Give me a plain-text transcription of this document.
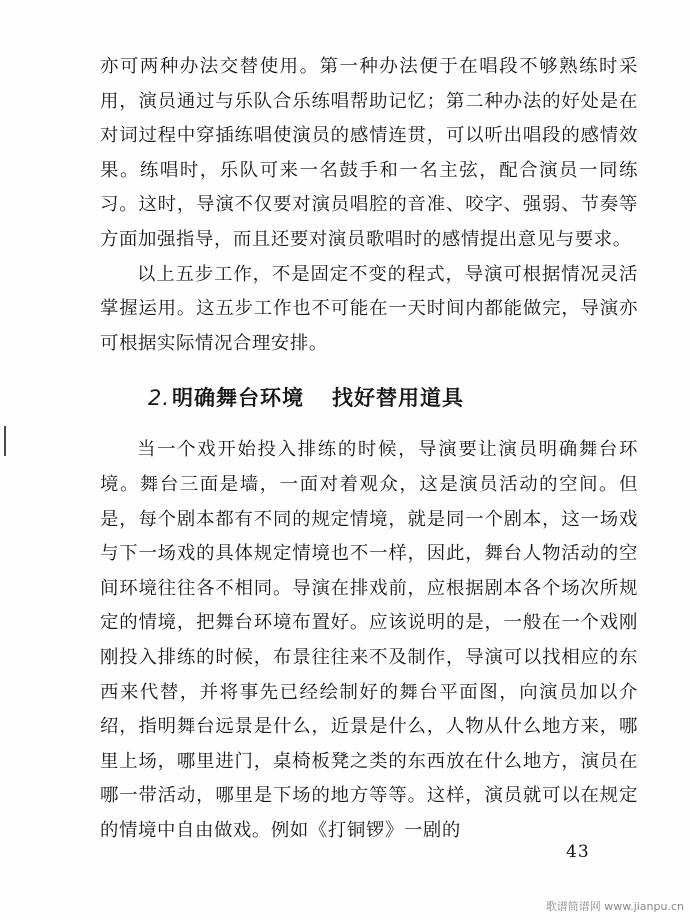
亦可两种办法交替使用。第一种办法便于在唱段不够熟练时采用，演员通过与乐队合乐练唱帮助记忆；第二种办法的好处是在对词过程中穿插练唱使演员的感情连贯，可以听出唱段的感情效果。练唱时，乐队可来一名鼓手和一名主弦，配合演员一同练习。这时，导演不仅要对演员唱腔的音准、咬字、强弱、节奏等方面加强指导，而且还要对演员歌唱时的感情提出意见与要求。

以上五步工作，不是固定不变的程式，导演可根据情况灵活掌握运用。这五步工作也不可能在一天时间内都能做完，导演亦可根据实际情况合理安排。

2.明确舞台环境 找好替用道具

当一个戏开始投入排练的时候，导演要让演员明确舞台环境。舞台三面是墙，一面对着观众，这是演员活动的空间。但是，每个剧本都有不同的规定情境，就是同一个剧本，这一场戏与下一场戏的具体规定情境也不一样，因此，舞台人物活动的空间环境往往各不相同。导演在排戏前，应根据剧本各个场次所规定的情境，把舞台环境布置好。应该说明的是，一般在一个戏刚刚投入排练的时候，布景往往来不及制作，导演可以找相应的东西来代替，并将事先已经绘制好的舞台平面图，向演员加以介绍，指明舞台远景是什么，近景是什么，人物从什么地方来，哪里上场，哪里进门，桌椅板凳之类的东西放在什么地方，演员在哪一带活动，哪里是下场的地方等等。这样，演员就可以在规定的情境中自由做戏。例如《打铜锣》一剧的

43
歌谱简谱网 www.jianpu.cn
